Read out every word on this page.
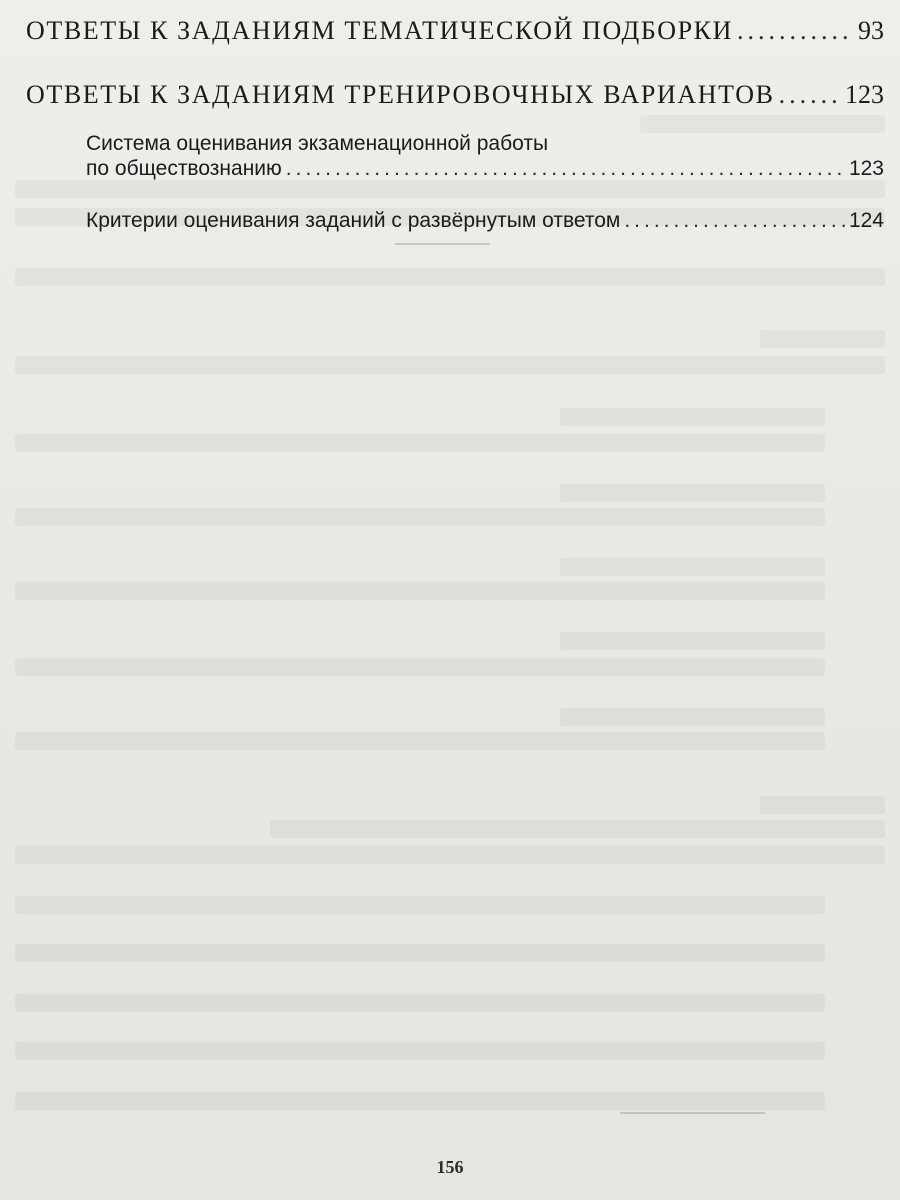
ОТВЕТЫ К ЗАДАНИЯМ ТЕМАТИЧЕСКОЙ ПОДБОРКИ .....	93
ОТВЕТЫ К ЗАДАНИЯМ ТРЕНИРОВОЧНЫХ ВАРИАНТОВ .....	123
Система оценивания экзаменационной работы
по обществознанию .....	123
Критерии оценивания заданий с развёрнутым ответом .....	124
156
